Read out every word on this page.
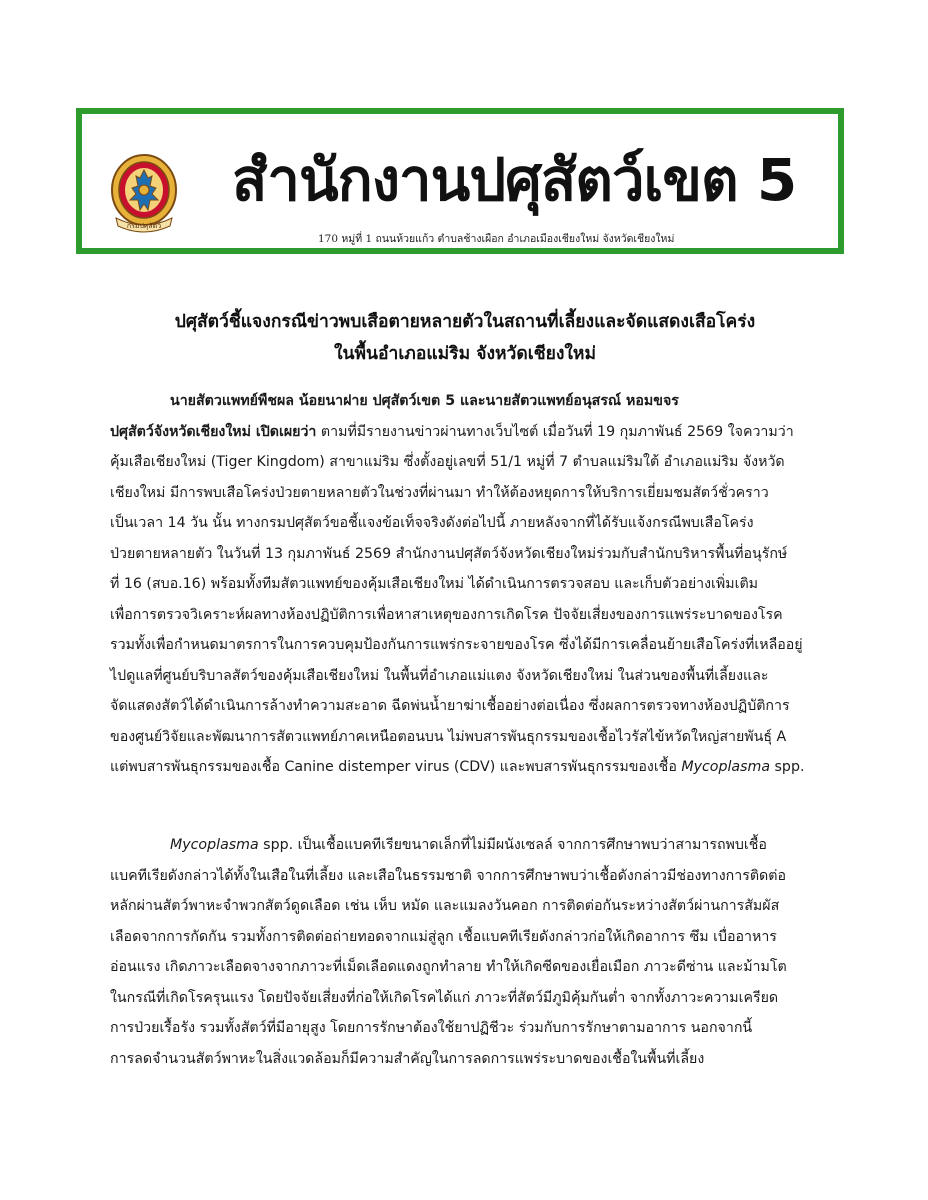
กรมปศุสัตว์
สำนักงานปศุสัตว์เขต 5
170 หมู่ที่ 1 ถนนห้วยแก้ว ตำบลช้างเผือก อำเภอเมืองเชียงใหม่ จังหวัดเชียงใหม่
ปศุสัตว์ชี้แจงกรณีข่าวพบเสือตายหลายตัวในสถานที่เลี้ยงและจัดแสดงเสือโคร่ง
ในพื้นอำเภอแม่ริม จังหวัดเชียงใหม่
นายสัตวแพทย์พืชผล น้อยนาฝาย ปศุสัตว์เขต 5 และนายสัตวแพทย์อนุสรณ์ หอมขจร
ปศุสัตว์จังหวัดเชียงใหม่ เปิดเผยว่า ตามที่มีรายงานข่าวผ่านทางเว็บไซต์ เมื่อวันที่ 19 กุมภาพันธ์ 2569 ใจความว่า
คุ้มเสือเชียงใหม่ (Tiger Kingdom) สาขาแม่ริม ซึ่งตั้งอยู่เลขที่ 51/1 หมู่ที่ 7 ตำบลแม่ริมใต้ อำเภอแม่ริม จังหวัด
เชียงใหม่ มีการพบเสือโคร่งป่วยตายหลายตัวในช่วงที่ผ่านมา ทำให้ต้องหยุดการให้บริการเยี่ยมชมสัตว์ชั่วคราว
เป็นเวลา 14 วัน นั้น ทางกรมปศุสัตว์ขอชี้แจงข้อเท็จจริงดังต่อไปนี้ ภายหลังจากที่ได้รับแจ้งกรณีพบเสือโคร่ง
ป่วยตายหลายตัว ในวันที่ 13 กุมภาพันธ์ 2569 สำนักงานปศุสัตว์จังหวัดเชียงใหม่ร่วมกับสำนักบริหารพื้นที่อนุรักษ์
ที่ 16 (สบอ.16) พร้อมทั้งทีมสัตวแพทย์ของคุ้มเสือเชียงใหม่ ได้ดำเนินการตรวจสอบ และเก็บตัวอย่างเพิ่มเติม
เพื่อการตรวจวิเคราะห์ผลทางห้องปฏิบัติการเพื่อหาสาเหตุของการเกิดโรค ปัจจัยเสี่ยงของการแพร่ระบาดของโรค
รวมทั้งเพื่อกำหนดมาตรการในการควบคุมป้องกันการแพร่กระจายของโรค ซึ่งได้มีการเคลื่อนย้ายเสือโคร่งที่เหลืออยู่
ไปดูแลที่ศูนย์บริบาลสัตว์ของคุ้มเสือเชียงใหม่ ในพื้นที่อำเภอแม่แตง จังหวัดเชียงใหม่ ในส่วนของพื้นที่เลี้ยงและ
จัดแสดงสัตว์ได้ดำเนินการล้างทำความสะอาด ฉีดพ่นน้ำยาฆ่าเชื้ออย่างต่อเนื่อง ซึ่งผลการตรวจทางห้องปฏิบัติการ
ของศูนย์วิจัยและพัฒนาการสัตวแพทย์ภาคเหนือตอนบน ไม่พบสารพันธุกรรมของเชื้อไวรัสไข้หวัดใหญ่สายพันธุ์ A
แต่พบสารพันธุกรรมของเชื้อ Canine distemper virus (CDV) และพบสารพันธุกรรมของเชื้อ Mycoplasma spp.
Mycoplasma spp. เป็นเชื้อแบคทีเรียขนาดเล็กที่ไม่มีผนังเซลล์ จากการศึกษาพบว่าสามารถพบเชื้อ
แบคทีเรียดังกล่าวได้ทั้งในเสือในที่เลี้ยง และเสือในธรรมชาติ จากการศึกษาพบว่าเชื้อดังกล่าวมีช่องทางการติดต่อ
หลักผ่านสัตว์พาหะจำพวกสัตว์ดูดเลือด เช่น เห็บ หมัด และแมลงวันคอก การติดต่อกันระหว่างสัตว์ผ่านการสัมผัส
เลือดจากการกัดกัน รวมทั้งการติดต่อถ่ายทอดจากแม่สู่ลูก เชื้อแบคทีเรียดังกล่าวก่อให้เกิดอาการ ซึม เบื่ออาหาร
อ่อนแรง เกิดภาวะเลือดจางจากภาวะที่เม็ดเลือดแดงถูกทำลาย ทำให้เกิดซีดของเยื่อเมือก ภาวะดีซ่าน และม้ามโต
ในกรณีที่เกิดโรครุนแรง โดยปัจจัยเสี่ยงที่ก่อให้เกิดโรคได้แก่ ภาวะที่สัตว์มีภูมิคุ้มกันต่ำ จากทั้งภาวะความเครียด
การป่วยเรื้อรัง รวมทั้งสัตว์ที่มีอายุสูง โดยการรักษาต้องใช้ยาปฏิชีวะ ร่วมกับการรักษาตามอาการ นอกจากนี้
การลดจำนวนสัตว์พาหะในสิ่งแวดล้อมก็มีความสำคัญในการลดการแพร่ระบาดของเชื้อในพื้นที่เลี้ยง
